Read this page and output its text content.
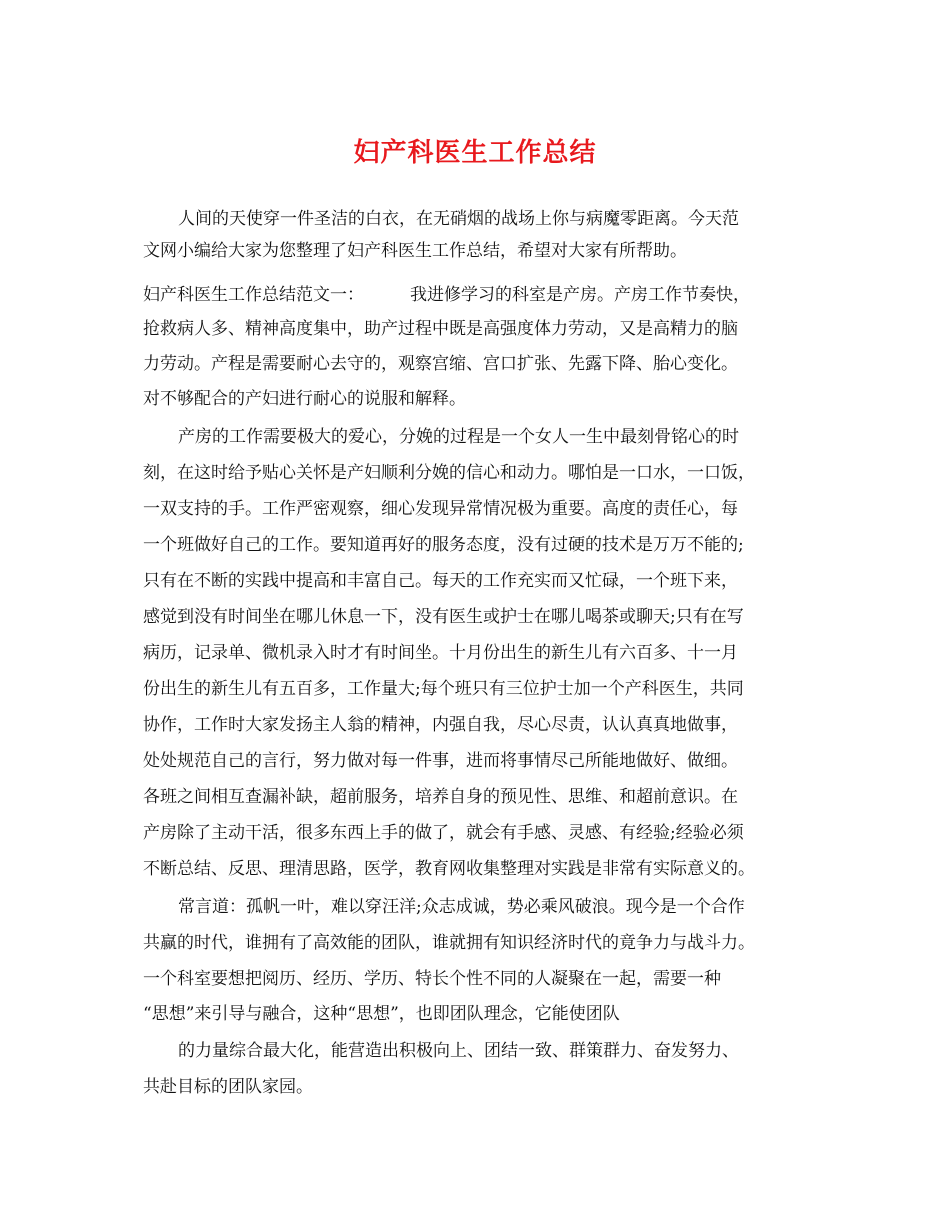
妇产科医生工作总结
人间的天使穿一件圣洁的白衣，在无硝烟的战场上你与病魔零距离。今天范
文网小编给大家为您整理了妇产科医生工作总结，希望对大家有所帮助。
妇产科医生工作总结范文一：	我进修学习的科室是产房。产房工作节奏快，
抢救病人多、精神高度集中，助产过程中既是高强度体力劳动，又是高精力的脑
力劳动。产程是需要耐心去守的，观察宫缩、宫口扩张、先露下降、胎心变化。
对不够配合的产妇进行耐心的说服和解释。
产房的工作需要极大的爱心，分娩的过程是一个女人一生中最刻骨铭心的时
刻，在这时给予贴心关怀是产妇顺利分娩的信心和动力。哪怕是一口水，一口饭，
一双支持的手。工作严密观察，细心发现异常情况极为重要。高度的责任心，每
一个班做好自己的工作。要知道再好的服务态度，没有过硬的技术是万万不能的;
只有在不断的实践中提高和丰富自己。每天的工作充实而又忙碌，一个班下来，
感觉到没有时间坐在哪儿休息一下，没有医生或护士在哪儿喝茶或聊天;只有在写
病历，记录单、微机录入时才有时间坐。十月份出生的新生儿有六百多、十一月
份出生的新生儿有五百多，工作量大;每个班只有三位护士加一个产科医生，共同
协作，工作时大家发扬主人翁的精神，内强自我，尽心尽责，认认真真地做事，
处处规范自己的言行，努力做对每一件事，进而将事情尽己所能地做好、做细。
各班之间相互查漏补缺，超前服务，培养自身的预见性、思维、和超前意识。在
产房除了主动干活，很多东西上手的做了，就会有手感、灵感、有经验;经验必须
不断总结、反思、理清思路，医学，教育网收集整理对实践是非常有实际意义的。
常言道：孤帆一叶，难以穿汪洋;众志成诚，势必乘风破浪。现今是一个合作
共赢的时代，谁拥有了高效能的团队，谁就拥有知识经济时代的竟争力与战斗力。
一个科室要想把阅历、经历、学历、特长个性不同的人凝聚在一起，需要一种
“思想”来引导与融合，这种“思想”，也即团队理念，它能使团队
的力量综合最大化，能营造出积极向上、团结一致、群策群力、奋发努力、
共赴目标的团队家园。
